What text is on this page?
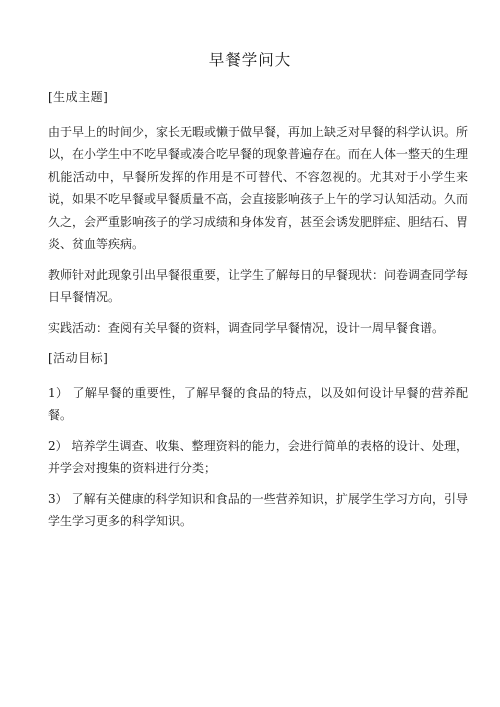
早餐学问大

[生成主题]

由于早上的时间少，家长无暇或懒于做早餐，再加上缺乏对早餐的科学认识。所以，在小学生中不吃早餐或凑合吃早餐的现象普遍存在。而在人体一整天的生理机能活动中，早餐所发挥的作用是不可替代、不容忽视的。尤其对于小学生来说，如果不吃早餐或早餐质量不高，会直接影响孩子上午的学习认知活动。久而久之，会严重影响孩子的学习成绩和身体发育，甚至会诱发肥胖症、胆结石、胃炎、贫血等疾病。

教师针对此现象引出早餐很重要，让学生了解每日的早餐现状：问卷调查同学每日早餐情况。

实践活动：查阅有关早餐的资料，调查同学早餐情况，设计一周早餐食谱。

[活动目标]

1） 了解早餐的重要性，了解早餐的食品的特点，以及如何设计早餐的营养配餐。

2） 培养学生调查、收集、整理资料的能力，会进行简单的表格的设计、处理，并学会对搜集的资料进行分类；

3） 了解有关健康的科学知识和食品的一些营养知识，扩展学生学习方向，引导学生学习更多的科学知识。
